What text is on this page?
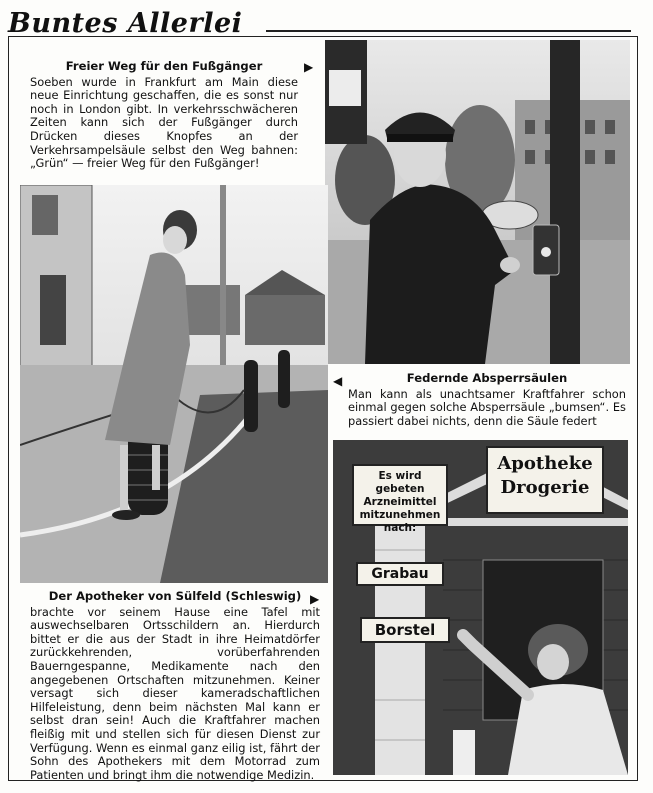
Buntes Allerlei
Freier Weg für den Fußgänger
Soeben wurde in Frankfurt am Main diese neue Einrichtung geschaffen, die es sonst nur noch in London gibt. In verkehrsschwächeren Zeiten kann sich der Fußgänger durch Drücken dieses Knopfes an der Verkehrsampelsäule selbst den Weg bahnen: „Grün“ — freier Weg für den Fußgänger!
▶
◀	Federnde Absperrsäulen
Man kann als unachtsamer Kraftfahrer schon einmal gegen solche Absperrsäule „bumsen“. Es passiert dabei nichts, denn die Säule federt
Es wird gebeten Arzneimittel mitzunehmen nach:
Apotheke
Drogerie
Grabau
Borstel
Der Apotheker von Sülfeld (Schleswig)
brachte vor seinem Hause eine Tafel mit auswechselbaren Ortsschildern an. Hierdurch bittet er die aus der Stadt in ihre Heimatdörfer zurückkehrenden, vorüberfahrenden Bauerngespanne, Medikamente nach den angegebenen Ortschaften mitzunehmen. Keiner versagt sich dieser kameradschaftlichen Hilfeleistung, denn beim nächsten Mal kann er selbst dran sein! Auch die Kraftfahrer machen fleißig mit und stellen sich für diesen Dienst zur Verfügung. Wenn es einmal ganz eilig ist, fährt der Sohn des Apothekers mit dem Motorrad zum Patienten und bringt ihm die notwendige Medizin.
▶
